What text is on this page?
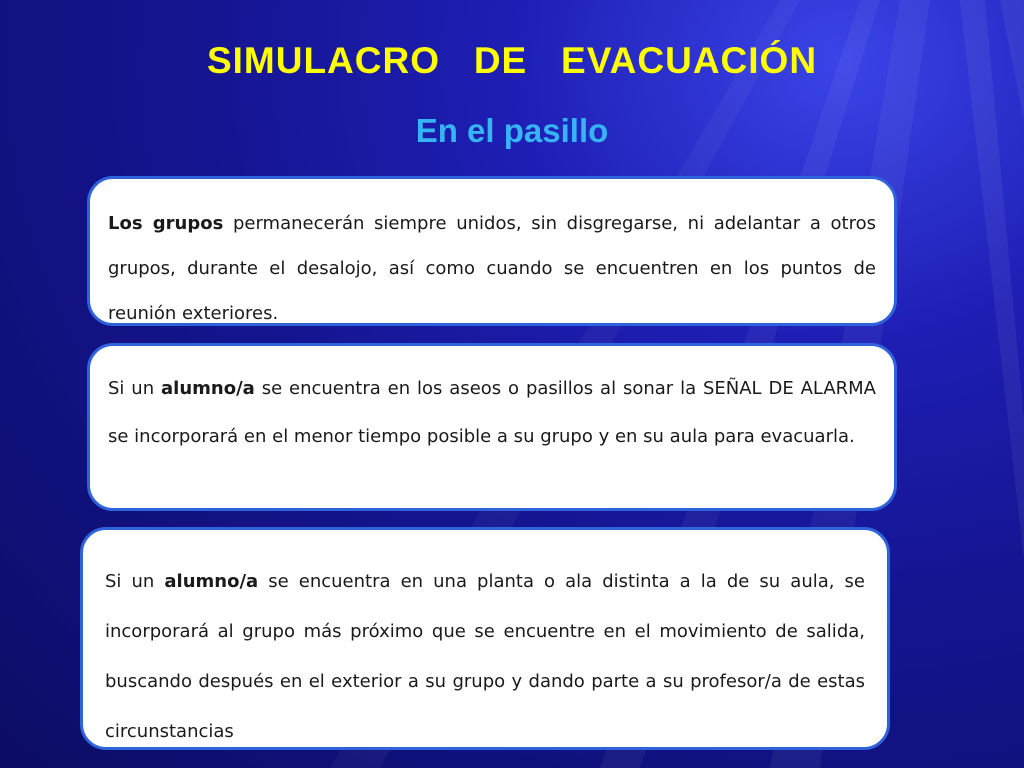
SIMULACRO   DE   EVACUACIÓN
En el pasillo

Los grupos permanecerán siempre unidos, sin disgregarse, ni adelantar a otros grupos, durante el desalojo, así como cuando se encuentren en los puntos de reunión exteriores.

Si un alumno/a se encuentra en los aseos o pasillos al sonar la SEÑAL DE ALARMA se incorporará en el menor tiempo posible a su grupo y en su aula para evacuarla.

Si un alumno/a se encuentra en una planta o ala distinta a la de su aula, se incorporará al grupo más próximo que se encuentre en el movimiento de salida, buscando después en el exterior a su grupo y dando parte a su profesor/a de estas circunstancias
